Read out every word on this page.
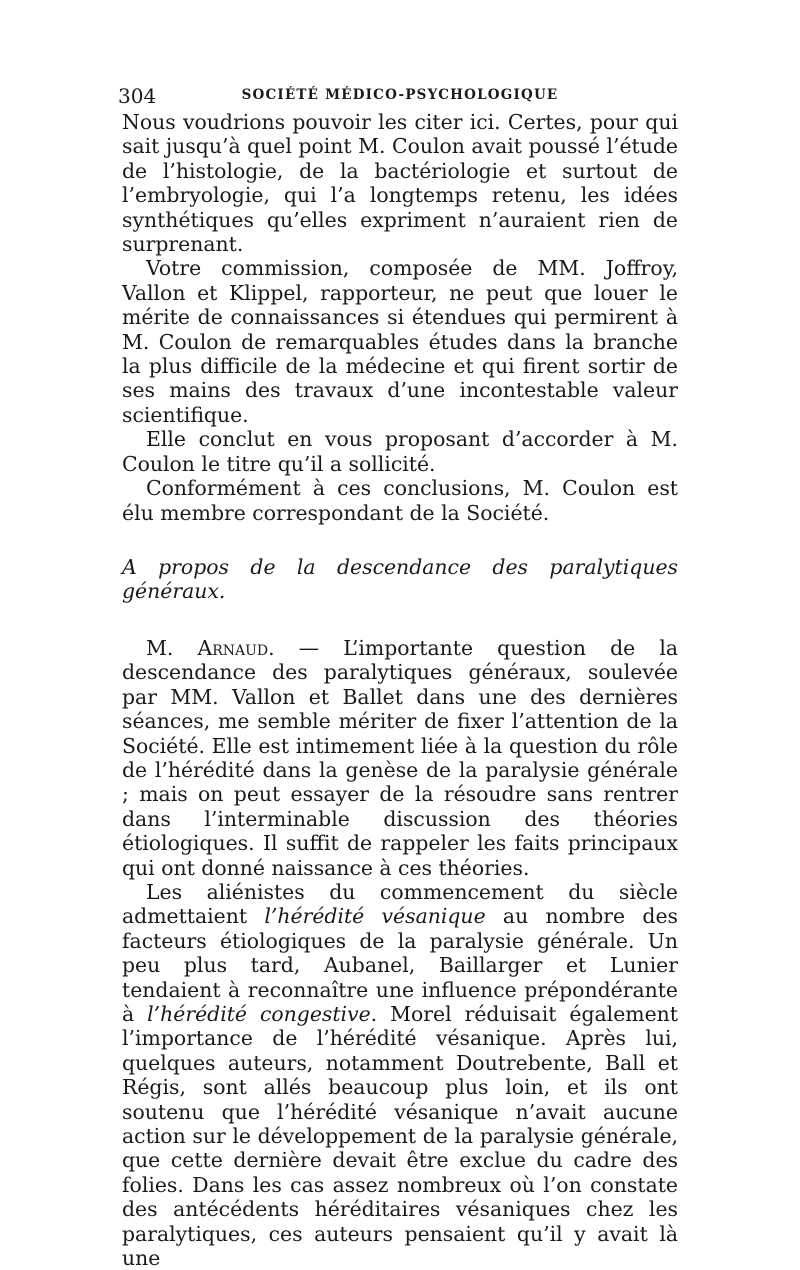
304	SOCIÉTÉ MÉDICO-PSYCHOLOGIQUE

Nous voudrions pouvoir les citer ici. Certes, pour qui sait jusqu’à quel point M. Coulon avait poussé l’étude de l’histologie, de la bactériologie et surtout de l’embryologie, qui l’a longtemps retenu, les idées synthétiques qu’elles expriment n’auraient rien de surprenant.

Votre commission, composée de MM. Joffroy, Vallon et Klippel, rapporteur, ne peut que louer le mérite de connaissances si étendues qui permirent à M. Coulon de remarquables études dans la branche la plus difficile de la médecine et qui firent sortir de ses mains des travaux d’une incontestable valeur scientifique.

Elle conclut en vous proposant d’accorder à M. Coulon le titre qu’il a sollicité.

Conformément à ces conclusions, M. Coulon est élu membre correspondant de la Société.

A propos de la descendance des paralytiques généraux.

M. Arnaud. — L’importante question de la descendance des paralytiques généraux, soulevée par MM. Vallon et Ballet dans une des dernières séances, me semble mériter de fixer l’attention de la Société. Elle est intimement liée à la question du rôle de l’hérédité dans la genèse de la paralysie générale ; mais on peut essayer de la résoudre sans rentrer dans l’interminable discussion des théories étiologiques. Il suffit de rappeler les faits principaux qui ont donné naissance à ces théories.

Les aliénistes du commencement du siècle admettaient l’hérédité vésanique au nombre des facteurs étiologiques de la paralysie générale. Un peu plus tard, Aubanel, Baillarger et Lunier tendaient à reconnaître une influence prépondérante à l’hérédité congestive. Morel réduisait également l’importance de l’hérédité vésanique. Après lui, quelques auteurs, notamment Doutrebente, Ball et Régis, sont allés beaucoup plus loin, et ils ont soutenu que l’hérédité vésanique n’avait aucune action sur le développement de la paralysie générale, que cette dernière devait être exclue du cadre des folies. Dans les cas assez nombreux où l’on constate des antécédents héréditaires vésaniques chez les paralytiques, ces auteurs pensaient qu’il y avait là une
